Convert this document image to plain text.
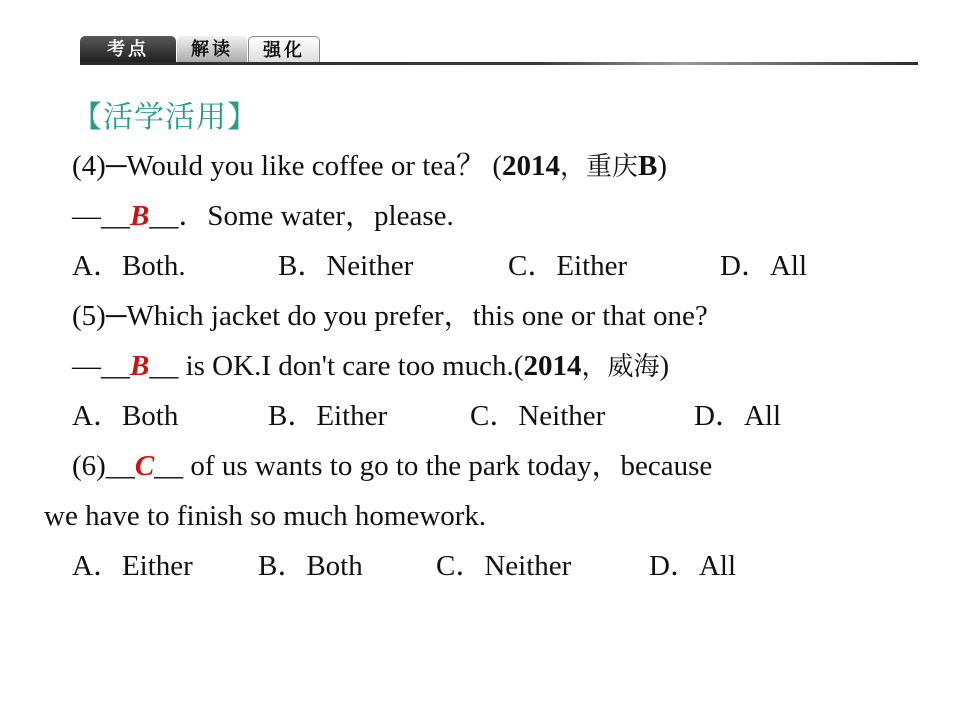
考点	解读	强化
【活学活用】
(4)─Would you like coffee or tea？ (2014，重庆B)
—__B__．Some water，please.
A．Both.	B．Neither	C．Either	D．All
(5)─Which jacket do you prefer，this one or that one?
—__B__ is OK.I don't care too much.(2014，威海)
A．Both	B．Either	C．Neither	D．All
(6)__C__ of us wants to go to the park today，because
we have to finish so much homework.
A．Either B．Both	C．Neither	D．All
